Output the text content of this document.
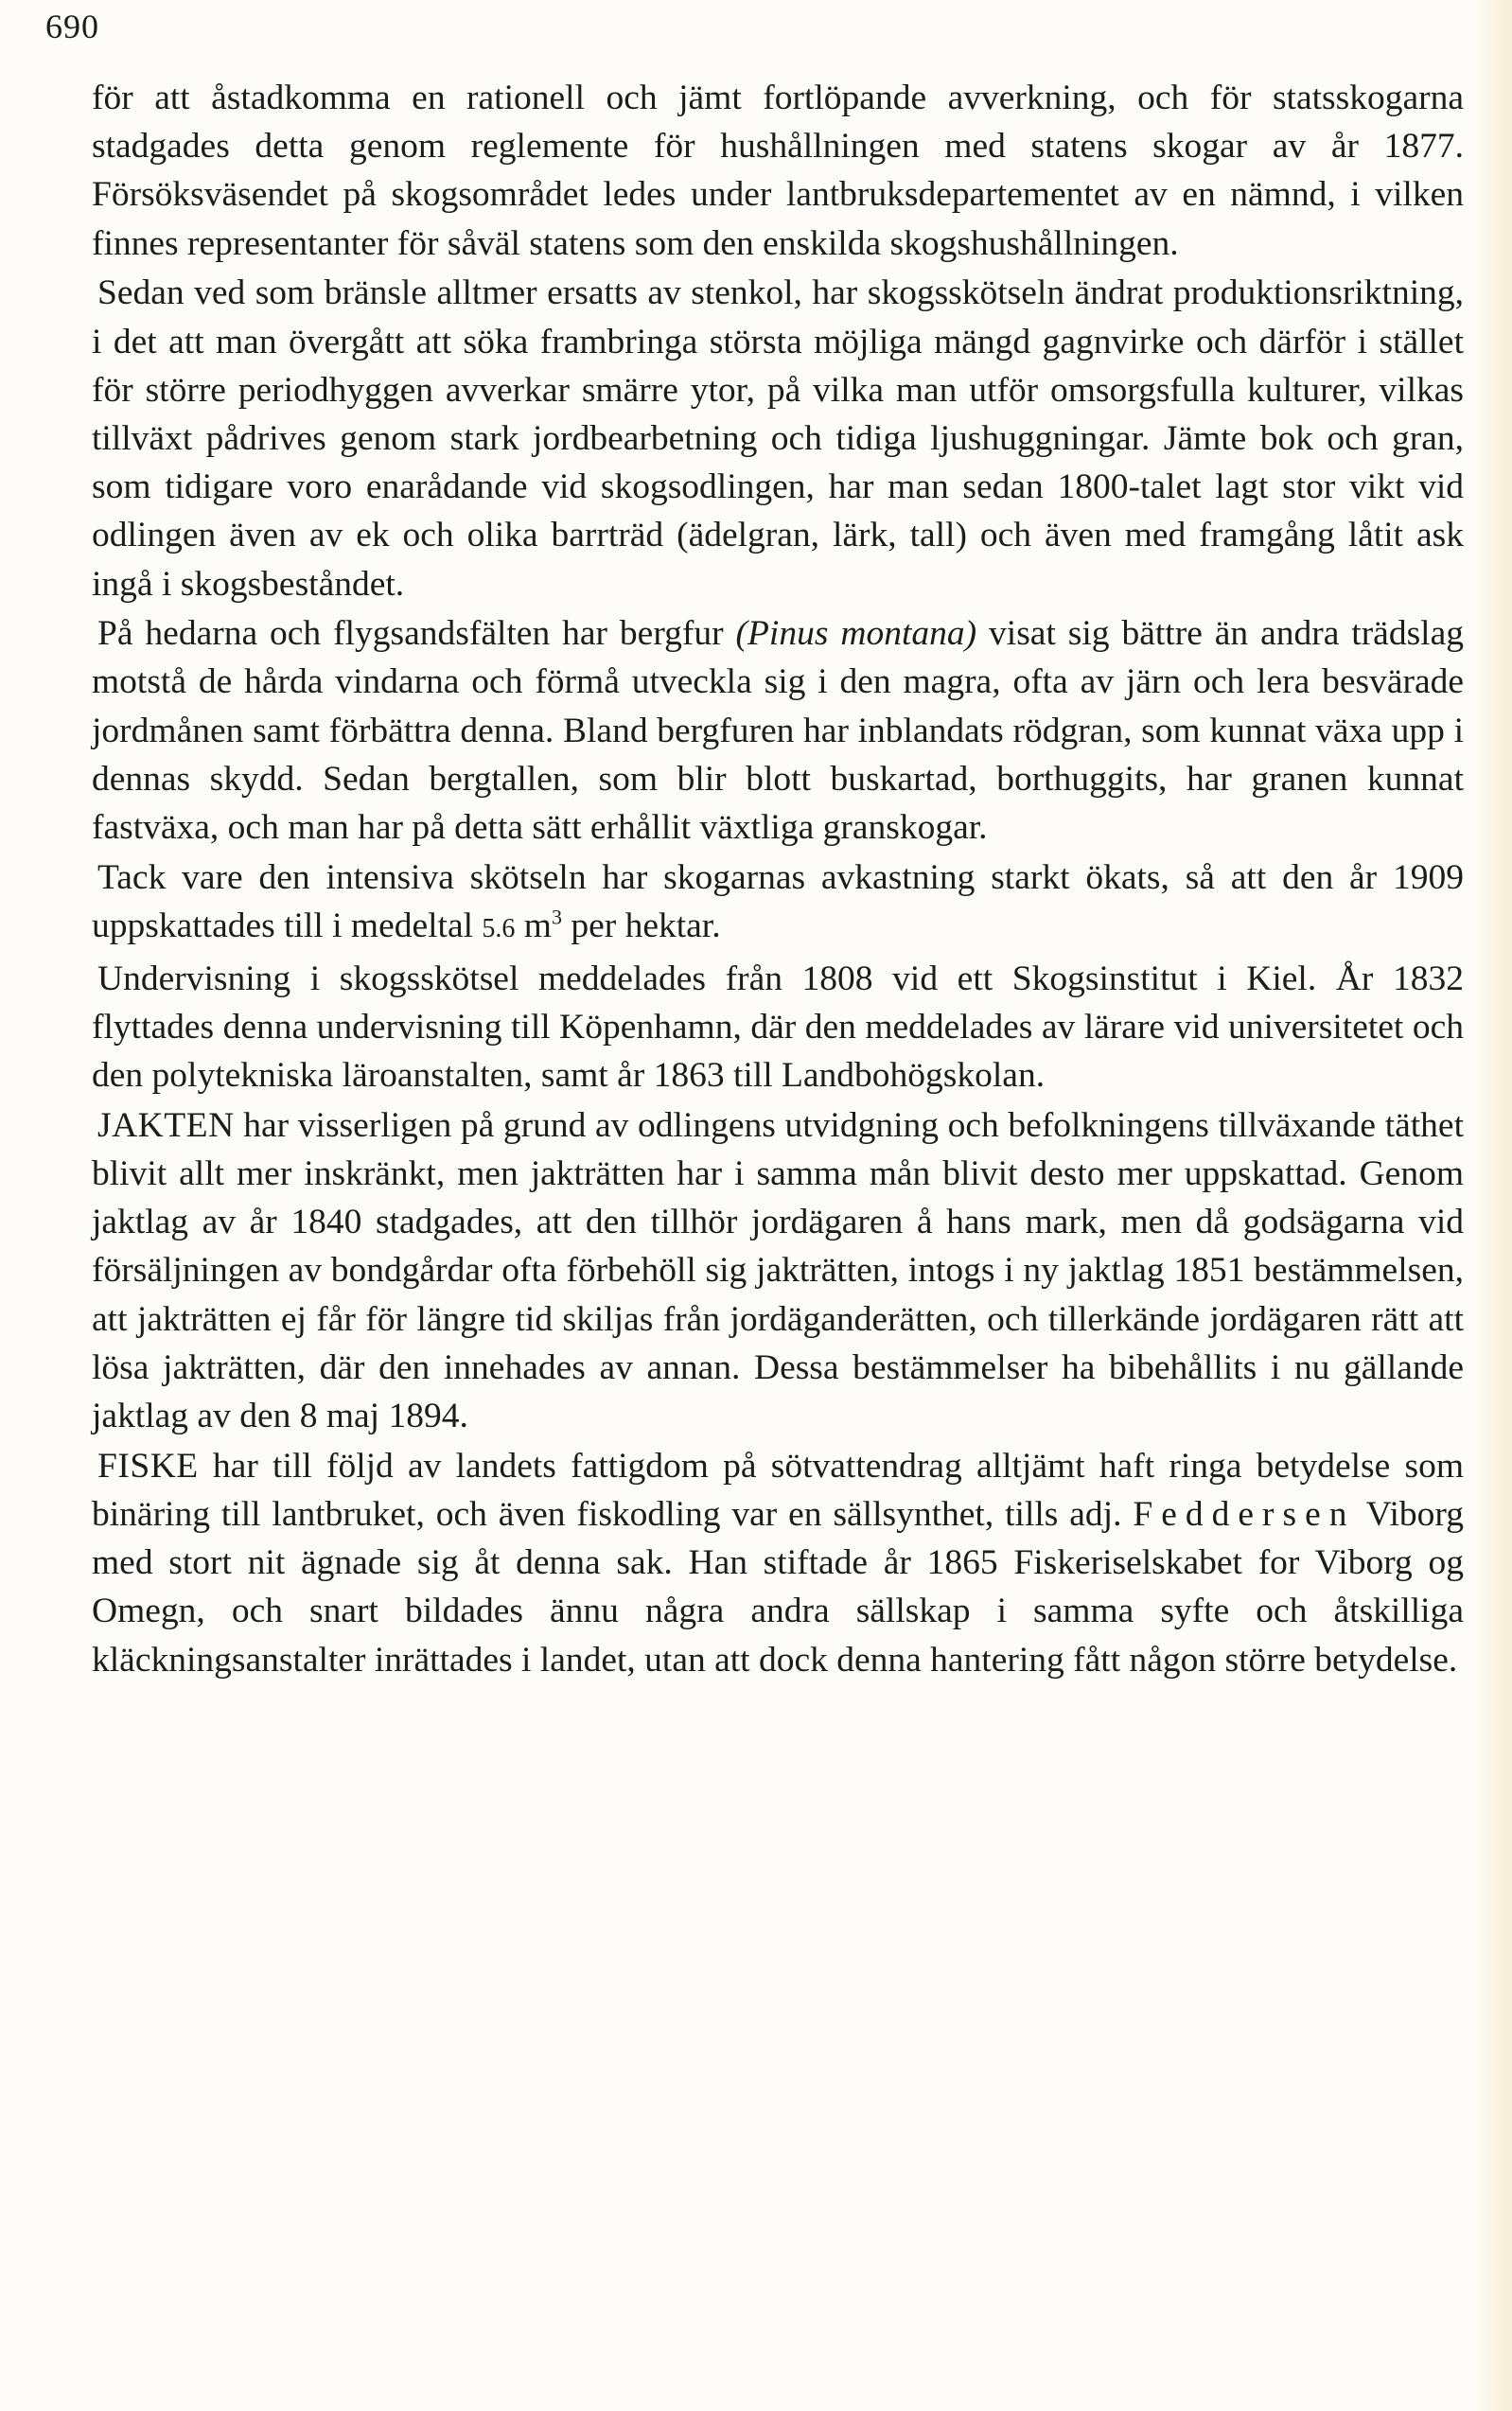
690

för att åstadkomma en rationell och jämt fortlöpande avverkning, och för statsskogarna stadgades detta genom reglemente för hushållningen med statens skogar av år 1877. Försöksväsendet på skogsområdet ledes under lantbruksdepartementet av en nämnd, i vilken finnes representanter för såväl statens som den enskilda skogshushållningen.

Sedan ved som bränsle alltmer ersatts av stenkol, har skogsskötseln ändrat produktionsriktning, i det att man övergått att söka frambringa största möjliga mängd gagnvirke och därför i stället för större periodhyggen avverkar smärre ytor, på vilka man utför omsorgsfulla kulturer, vilkas tillväxt pådrives genom stark jordbearbetning och tidiga ljushuggningar. Jämte bok och gran, som tidigare voro enarådande vid skogsodlingen, har man sedan 1800-talet lagt stor vikt vid odlingen även av ek och olika barrträd (ädelgran, lärk, tall) och även med framgång låtit ask ingå i skogsbeståndet.

På hedarna och flygsandsfälten har bergfur (Pinus montana) visat sig bättre än andra trädslag motstå de hårda vindarna och förmå utveckla sig i den magra, ofta av järn och lera besvärade jordmånen samt förbättra denna. Bland bergfuren har inblandats rödgran, som kunnat växa upp i dennas skydd. Sedan bergtallen, som blir blott buskartad, borthuggits, har granen kunnat fastväxa, och man har på detta sätt erhållit växtliga granskogar.

Tack vare den intensiva skötseln har skogarnas avkastning starkt ökats, så att den år 1909 uppskattades till i medeltal 5.6 $m^3$ per hektar.

Undervisning i skogsskötsel meddelades från 1808 vid ett Skogsinstitut i Kiel. År 1832 flyttades denna undervisning till Köpenhamn, där den meddelades av lärare vid universitetet och den polytekniska läroanstalten, samt år 1863 till Landbohögskolan.

JAKTEN har visserligen på grund av odlingens utvidgning och befolkningens tillväxande täthet blivit allt mer inskränkt, men jakträtten har i samma mån blivit desto mer uppskattad. Genom jaktlag av år 1840 stadgades, att den tillhör jordägaren å hans mark, men då godsägarna vid försäljningen av bondgårdar ofta förbehöll sig jakträtten, intogs i ny jaktlag 1851 bestämmelsen, att jakträtten ej får för längre tid skiljas från jordäganderätten, och tillerkände jordägaren rätt att lösa jakträtten, där den innehades av annan. Dessa bestämmelser ha bibehållits i nu gällande jaktlag av den 8 maj 1894.

FISKE har till följd av landets fattigdom på sötvattendrag alltjämt haft ringa betydelse som binäring till lantbruket, och även fiskodling var en sällsynthet, tills adj. Feddersen Viborg med stort nit ägnade sig åt denna sak. Han stiftade år 1865 Fiskeriselskabet for Viborg og Omegn, och snart bildades ännu några andra sällskap i samma syfte och åtskilliga kläckningsanstalter inrättades i landet, utan att dock denna hantering fått någon större betydelse.
